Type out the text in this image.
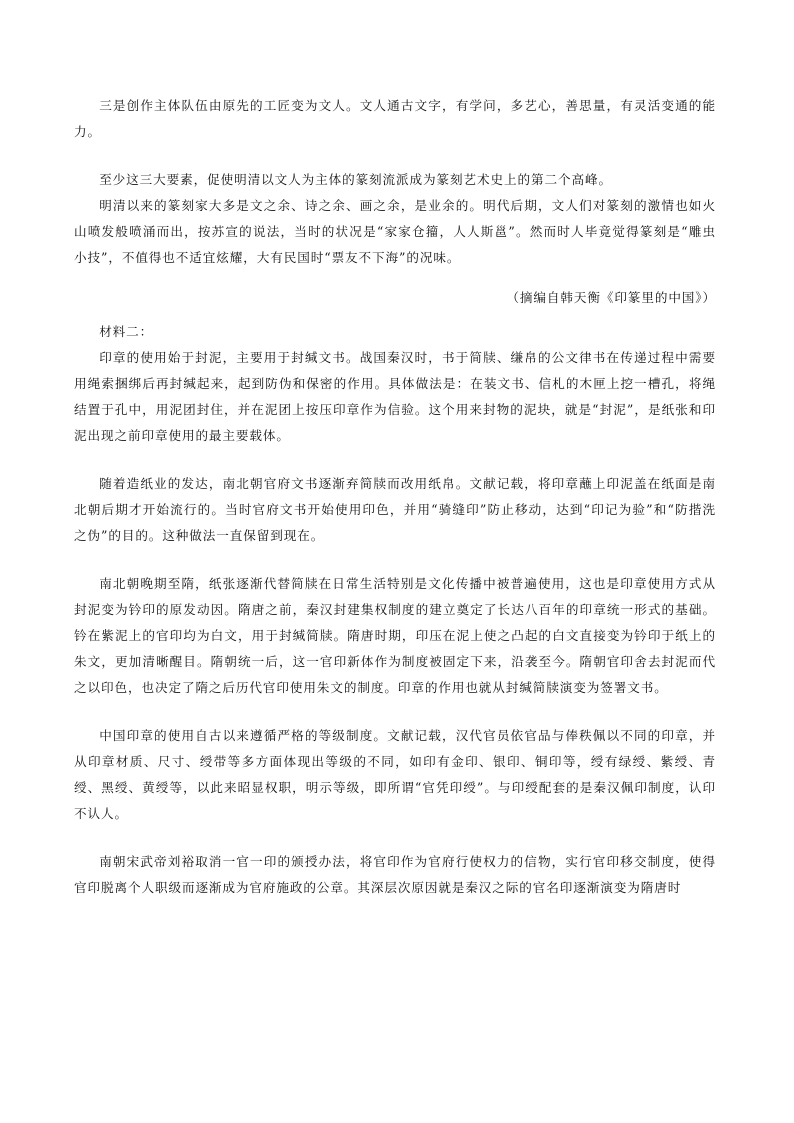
三是创作主体队伍由原先的工匠变为文人。文人通古文字，有学问，多艺心，善思量，有灵活变通的能力。

至少这三大要素，促使明清以文人为主体的篆刻流派成为篆刻艺术史上的第二个高峰。

明清以来的篆刻家大多是文之余、诗之余、画之余，是业余的。明代后期，文人们对篆刻的激情也如火山喷发般喷涌而出，按苏宣的说法，当时的状况是“家家仓籀，人人斯邕”。然而时人毕竟觉得篆刻是“雕虫小技”，不值得也不适宜炫耀，大有民国时“票友不下海”的况味。

（摘编自韩天衡《印篆里的中国》）

材料二：

印章的使用始于封泥，主要用于封缄文书。战国秦汉时，书于简牍、缣帛的公文律书在传递过程中需要用绳索捆绑后再封缄起来，起到防伪和保密的作用。具体做法是：在装文书、信札的木匣上挖一槽孔，将绳结置于孔中，用泥团封住，并在泥团上按压印章作为信验。这个用来封物的泥块，就是“封泥”，是纸张和印泥出现之前印章使用的最主要载体。

随着造纸业的发达，南北朝官府文书逐渐弃简牍而改用纸帛。文献记载，将印章蘸上印泥盖在纸面是南北朝后期才开始流行的。当时官府文书开始使用印色，并用“骑缝印”防止移动，达到“印记为验”和“防揩洗之伪”的目的。这种做法一直保留到现在。

南北朝晚期至隋，纸张逐渐代替简牍在日常生活特别是文化传播中被普遍使用，这也是印章使用方式从封泥变为钤印的原发动因。隋唐之前，秦汉封建集权制度的建立奠定了长达八百年的印章统一形式的基础。钤在紫泥上的官印均为白文，用于封缄简牍。隋唐时期，印压在泥上使之凸起的白文直接变为钤印于纸上的朱文，更加清晰醒目。隋朝统一后，这一官印新体作为制度被固定下来，沿袭至今。隋朝官印舍去封泥而代之以印色，也决定了隋之后历代官印使用朱文的制度。印章的作用也就从封缄简牍演变为签署文书。

中国印章的使用自古以来遵循严格的等级制度。文献记载，汉代官员依官品与俸秩佩以不同的印章，并从印章材质、尺寸、绶带等多方面体现出等级的不同，如印有金印、银印、铜印等，绶有绿绶、紫绶、青绶、黑绶、黄绶等，以此来昭显权职，明示等级，即所谓“官凭印绶”。与印绶配套的是秦汉佩印制度，认印不认人。

南朝宋武帝刘裕取消一官一印的颁授办法，将官印作为官府行使权力的信物，实行官印移交制度，使得官印脱离个人职级而逐渐成为官府施政的公章。其深层次原因就是秦汉之际的官名印逐渐演变为隋唐时
